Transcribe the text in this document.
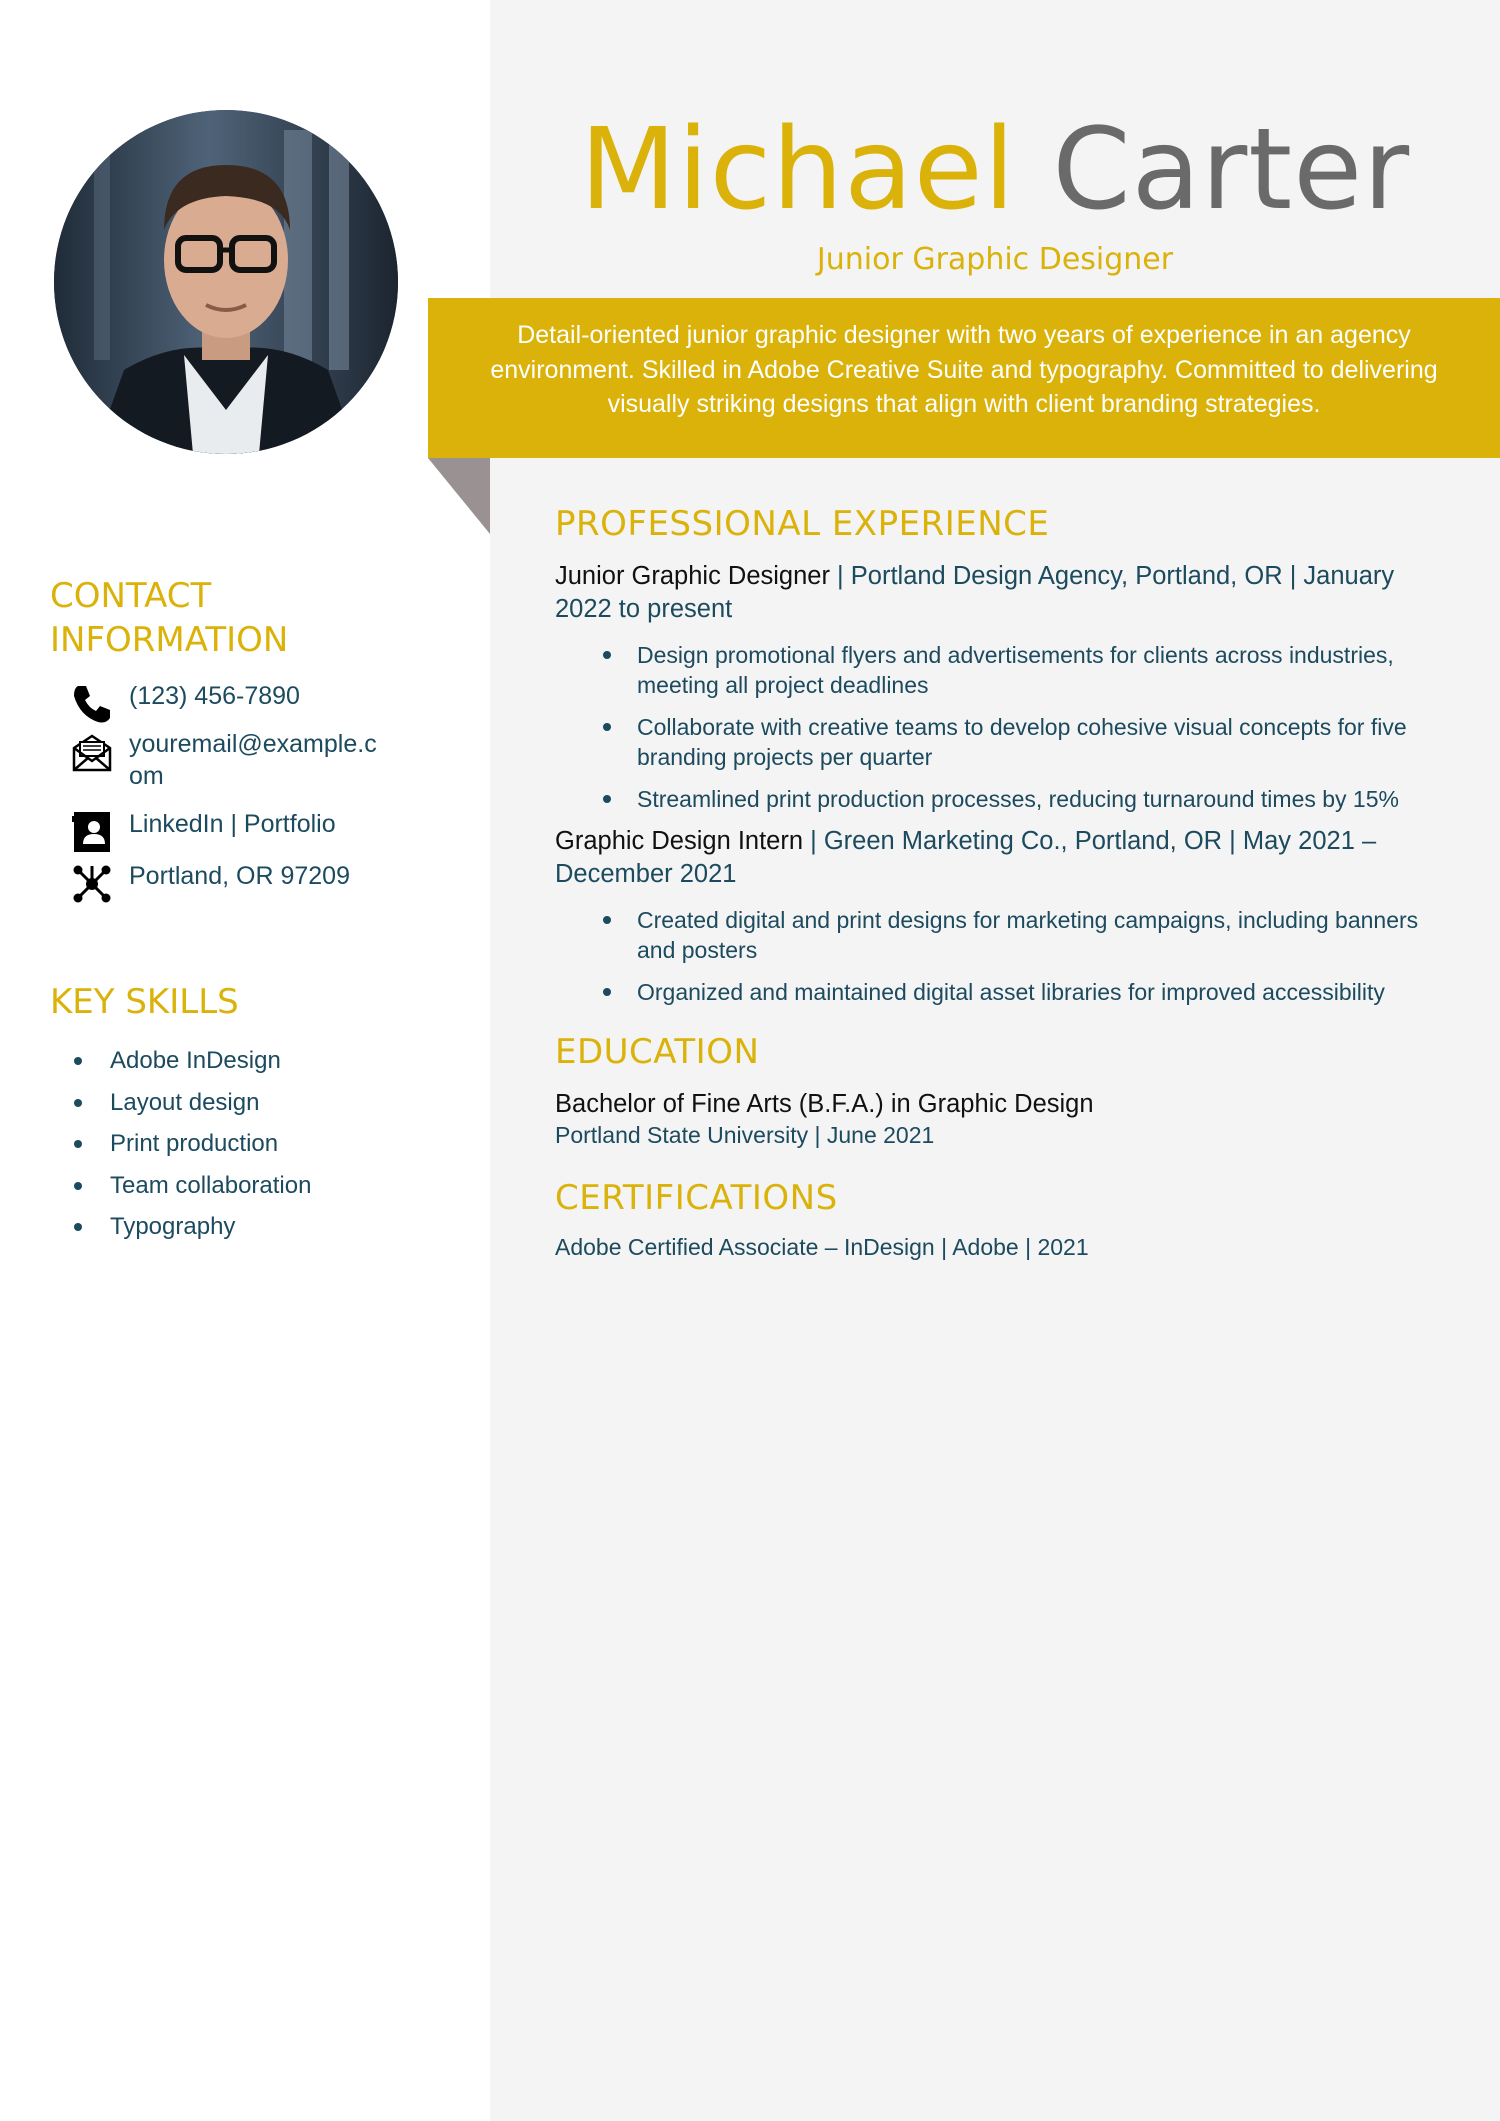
Michael Carter
Junior Graphic Designer
Detail-oriented junior graphic designer with two years of experience in an agency environment. Skilled in Adobe Creative Suite and typography. Committed to delivering visually striking designs that align with client branding strategies.
CONTACT
INFORMATION
(123) 456-7890
youremail@example.c
om
LinkedIn | Portfolio
Portland, OR 97209
KEY SKILLS
Adobe InDesign
Layout design
Print production
Team collaboration
Typography
PROFESSIONAL EXPERIENCE
Junior Graphic Designer | Portland Design Agency, Portland, OR | January 2022 to present
Design promotional flyers and advertisements for clients across industries, meeting all project deadlines
Collaborate with creative teams to develop cohesive visual concepts for five branding projects per quarter
Streamlined print production processes, reducing turnaround times by 15%
Graphic Design Intern | Green Marketing Co., Portland, OR | May 2021 – December 2021
Created digital and print designs for marketing campaigns, including banners and posters
Organized and maintained digital asset libraries for improved accessibility
EDUCATION
Bachelor of Fine Arts (B.F.A.) in Graphic Design
Portland State University | June 2021
CERTIFICATIONS
Adobe Certified Associate – InDesign | Adobe | 2021
